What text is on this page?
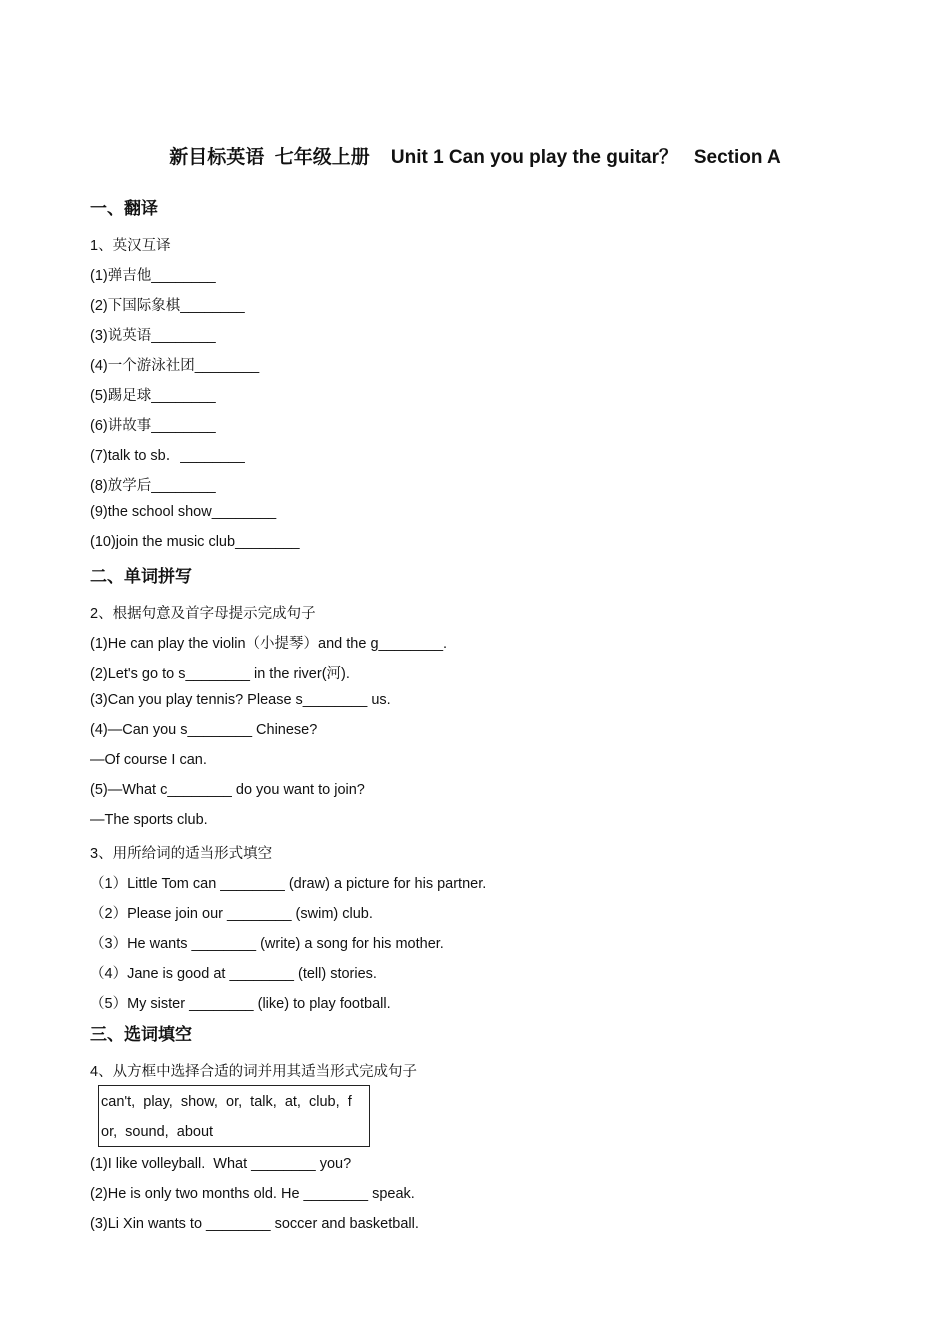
新目标英语  七年级上册    Unit 1 Can you play the guitar？   Section A
一、翻译
1、英汉互译
(1)弹吉他________
(2)下国际象棋________
(3)说英语________
(4)一个游泳社团________
(5)踢足球________
(6)讲故事________
(7)talk to sb．________
(8)放学后________
(9)the school show________
(10)join the music club________
二、单词拼写
2、根据句意及首字母提示完成句子
(1)He can play the violin（小提琴）and the g________.
(2)Let's go to s________ in the river(河).
(3)Can you play tennis? Please s________ us.
(4)—Can you s________ Chinese?
—Of course I can.
(5)—What c________ do you want to join?
—The sports club.
3、用所给词的适当形式填空
（1）Little Tom can ________ (draw) a picture for his partner.
（2）Please join our ________ (swim) club.
（3）He wants ________ (write) a song for his mother.
（4）Jane is good at ________ (tell) stories.
（5）My sister ________ (like) to play football.
三、选词填空
4、从方框中选择合适的词并用其适当形式完成句子
can't,  play,  show,  or,  talk,  at,  club,  f
or,  sound,  about
(1)I like volleyball.  What ________ you?
(2)He is only two months old. He ________ speak.
(3)Li Xin wants to ________ soccer and basketball.
